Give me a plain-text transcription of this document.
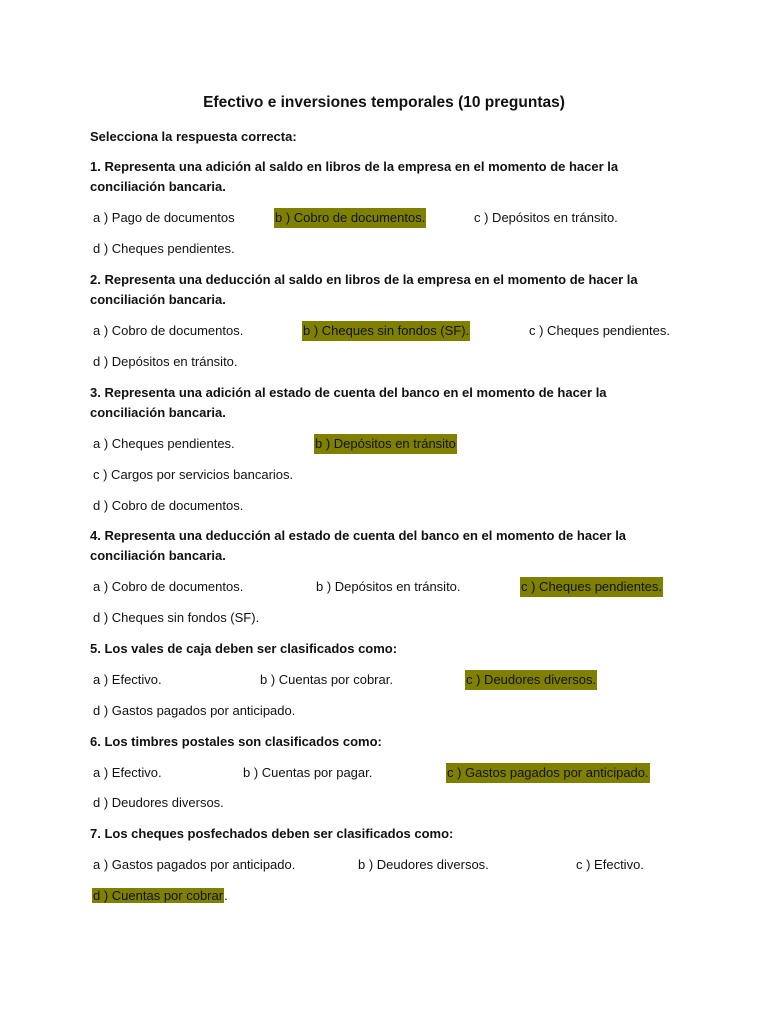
Efectivo e inversiones temporales (10 preguntas)
Selecciona la respuesta correcta:
1. Representa una adición al saldo en libros de la empresa en el momento de hacer la
conciliación bancaria.
a ) Pago de documentos	b ) Cobro de documentos.	c ) Depósitos en tránsito.
d ) Cheques pendientes.
2. Representa una deducción al saldo en libros de la empresa en el momento de hacer la
conciliación bancaria.
a ) Cobro de documentos.	b ) Cheques sin fondos (SF).	c ) Cheques pendientes.
d ) Depósitos en tránsito.
3. Representa una adición al estado de cuenta del banco en el momento de hacer la
conciliación bancaria.
a ) Cheques pendientes.	b ) Depósitos en tránsito
c ) Cargos por servicios bancarios.
d ) Cobro de documentos.
4. Representa una deducción al estado de cuenta del banco en el momento de hacer la
conciliación bancaria.
a ) Cobro de documentos.	b ) Depósitos en tránsito.	c ) Cheques pendientes.
d ) Cheques sin fondos (SF).
5. Los vales de caja deben ser clasificados como:
a ) Efectivo.	b ) Cuentas por cobrar.	c ) Deudores diversos.
d ) Gastos pagados por anticipado.
6. Los timbres postales son clasificados como:
a ) Efectivo.	b ) Cuentas por pagar.	c ) Gastos pagados por anticipado.
d ) Deudores diversos.
7. Los cheques posfechados deben ser clasificados como:
a ) Gastos pagados por anticipado.	b ) Deudores diversos.	c ) Efectivo.
d ) Cuentas por cobrar.
